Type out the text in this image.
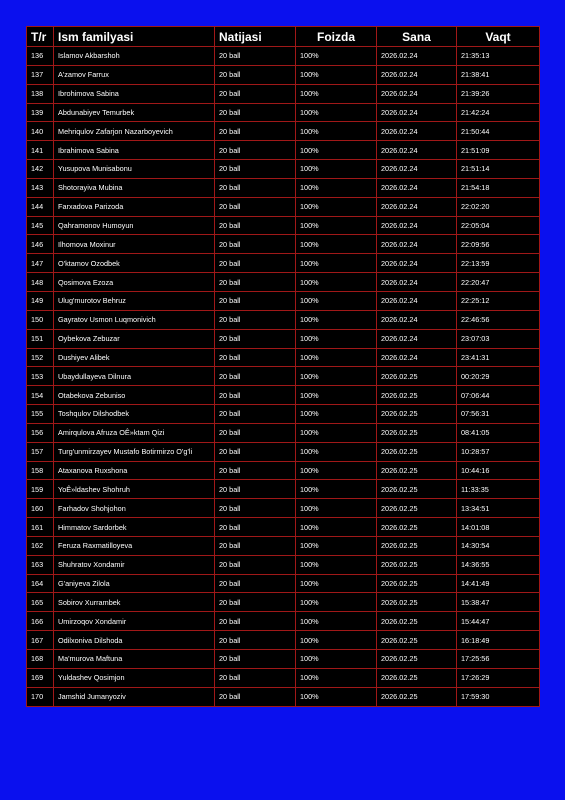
T/r	Ism familyasi	Natijasi	Foizda	Sana	Vaqt
136	Islamov Akbarshoh	20 ball	100%	2026.02.24	21:35:13
137	A'zamov Farrux	20 ball	100%	2026.02.24	21:38:41
138	Ibrohimova Sabina	20 ball	100%	2026.02.24	21:39:26
139	Abdunabiyev Temurbek	20 ball	100%	2026.02.24	21:42:24
140	Mehriqulov Zafarjon Nazarboyevich	20 ball	100%	2026.02.24	21:50:44
141	Ibrahimova Sabina	20 ball	100%	2026.02.24	21:51:09
142	Yusupova Munisabonu	20 ball	100%	2026.02.24	21:51:14
143	Shotorayiva Mubina	20 ball	100%	2026.02.24	21:54:18
144	Farxadova Parizoda	20 ball	100%	2026.02.24	22:02:20
145	Qahramonov Humoyun	20 ball	100%	2026.02.24	22:05:04
146	Ilhomova Moxinur	20 ball	100%	2026.02.24	22:09:56
147	O'ktamov Ozodbek	20 ball	100%	2026.02.24	22:13:59
148	Qosimova Ezoza	20 ball	100%	2026.02.24	22:20:47
149	Ulug'murotov Behruz	20 ball	100%	2026.02.24	22:25:12
150	Gayratov Usmon Luqmonivich	20 ball	100%	2026.02.24	22:46:56
151	Oybekova Zebuzar	20 ball	100%	2026.02.24	23:07:03
152	Dushiyev Alibek	20 ball	100%	2026.02.24	23:41:31
153	Ubaydullayeva Dilnura	20 ball	100%	2026.02.25	00:20:29
154	Otabekova Zebuniso	20 ball	100%	2026.02.25	07:06:44
155	Toshqulov Dilshodbek	20 ball	100%	2026.02.25	07:56:31
156	Amirqulova Afruza OÊ»ktam Qizi	20 ball	100%	2026.02.25	08:41:05
157	Turg'unmirzayev Mustafo Botirmirzo O'g'li	20 ball	100%	2026.02.25	10:28:57
158	Ataxanova Ruxshona	20 ball	100%	2026.02.25	10:44:16
159	YoÊ»ldashev Shohruh	20 ball	100%	2026.02.25	11:33:35
160	Farhadov Shohjohon	20 ball	100%	2026.02.25	13:34:51
161	Himmatov Sardorbek	20 ball	100%	2026.02.25	14:01:08
162	Feruza Raxmatilloyeva	20 ball	100%	2026.02.25	14:30:54
163	Shuhratov Xondamir	20 ball	100%	2026.02.25	14:36:55
164	G'aniyeva Zilola	20 ball	100%	2026.02.25	14:41:49
165	Sobirov Xurrambek	20 ball	100%	2026.02.25	15:38:47
166	Umirzoqov Xondamir	20 ball	100%	2026.02.25	15:44:47
167	Odilxoniva Dilshoda	20 ball	100%	2026.02.25	16:18:49
168	Ma'murova Maftuna	20 ball	100%	2026.02.25	17:25:56
169	Yuldashev Qosimjon	20 ball	100%	2026.02.25	17:26:29
170	Jamshid Jumanyoziv	20 ball	100%	2026.02.25	17:59:30
